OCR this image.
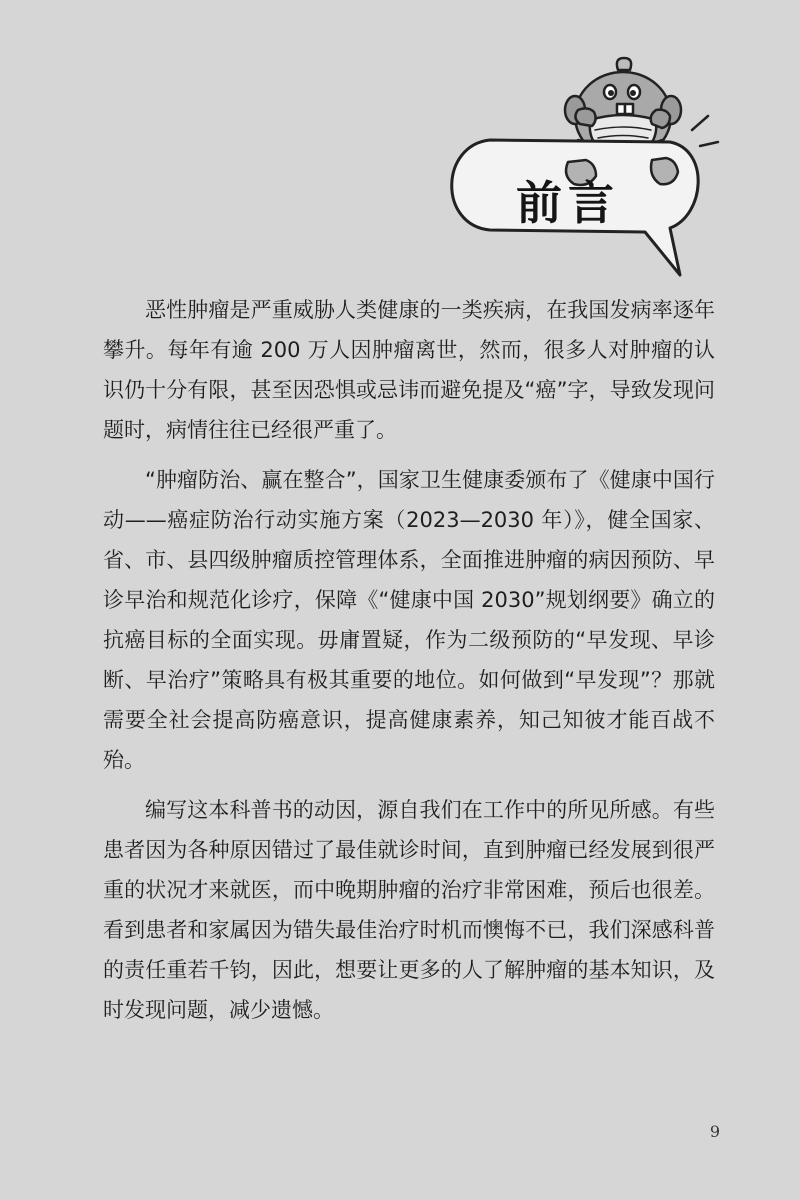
前言

恶性肿瘤是严重威胁人类健康的一类疾病，在我国发病率逐年攀升。每年有逾 200 万人因肿瘤离世，然而，很多人对肿瘤的认识仍十分有限，甚至因恐惧或忌讳而避免提及“癌”字，导致发现问题时，病情往往已经很严重了。

“肿瘤防治、赢在整合”，国家卫生健康委颁布了《健康中国行动——癌症防治行动实施方案（2023—2030 年）》，健全国家、省、市、县四级肿瘤质控管理体系，全面推进肿瘤的病因预防、早诊早治和规范化诊疗，保障《“健康中国 2030”规划纲要》确立的抗癌目标的全面实现。毋庸置疑，作为二级预防的“早发现、早诊断、早治疗”策略具有极其重要的地位。如何做到“早发现”？那就需要全社会提高防癌意识，提高健康素养，知己知彼才能百战不殆。

编写这本科普书的动因，源自我们在工作中的所见所感。有些患者因为各种原因错过了最佳就诊时间，直到肿瘤已经发展到很严重的状况才来就医，而中晚期肿瘤的治疗非常困难，预后也很差。看到患者和家属因为错失最佳治疗时机而懊悔不已，我们深感科普的责任重若千钧，因此，想要让更多的人了解肿瘤的基本知识，及时发现问题，减少遗憾。

9
